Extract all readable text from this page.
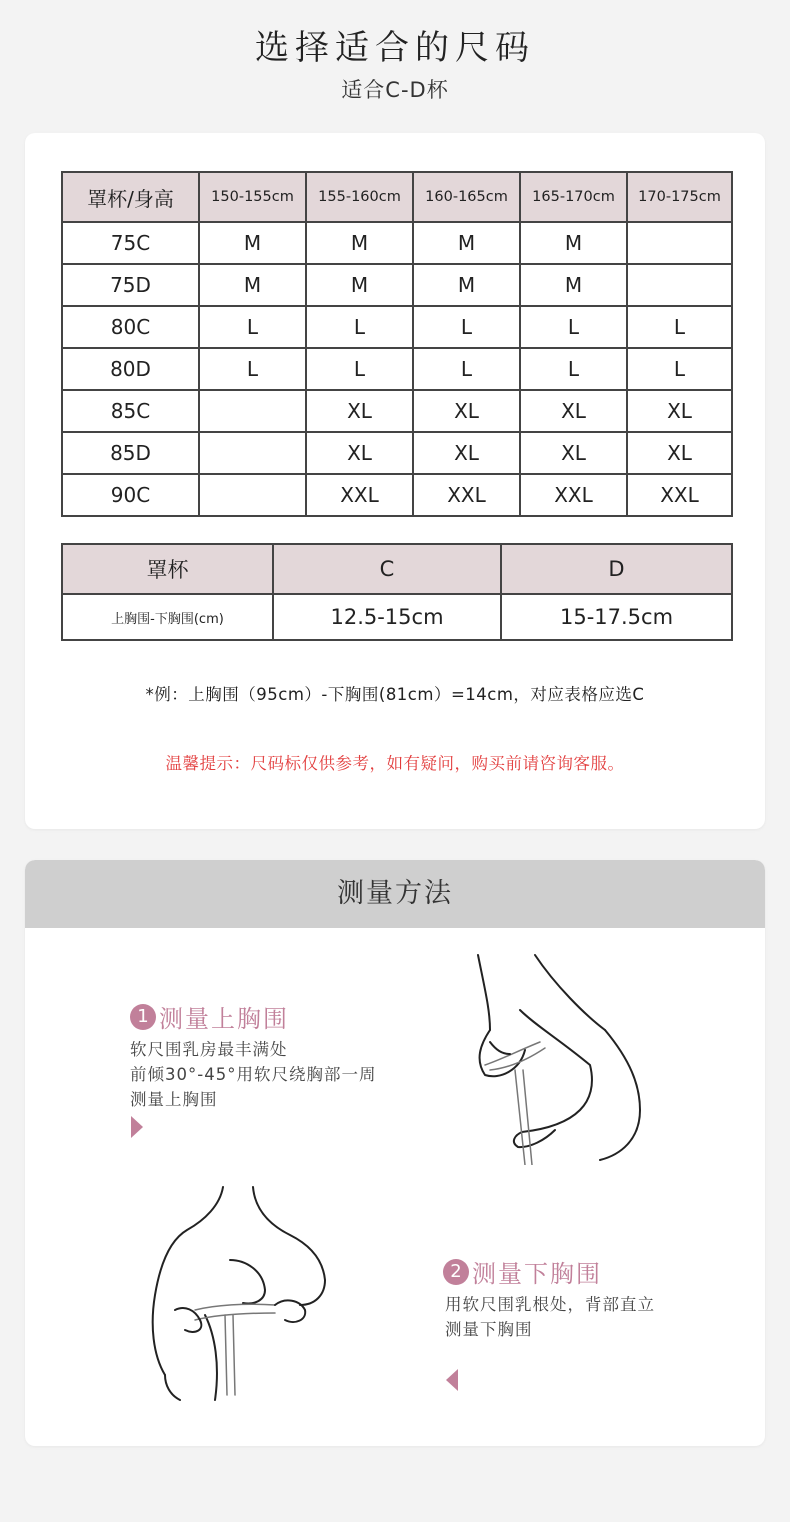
选择适合的尺码
适合C-D杯
罩杯/身高	150-155cm	155-160cm	160-165cm	165-170cm	170-175cm
75C	M	M	M	M	
75D	M	M	M	M	
80C	L	L	L	L	L
80D	L	L	L	L	L
85C		XL	XL	XL	XL
85D		XL	XL	XL	XL
90C		XXL	XXL	XXL	XXL
罩杯	C	D
上胸围-下胸围(cm)	12.5-15cm	15-17.5cm
*例：上胸围（95cm）-下胸围(81cm）=14cm，对应表格应选C
温馨提示：尺码标仅供参考，如有疑问，购买前请咨询客服。
测量方法
1 测量上胸围
软尺围乳房最丰满处
前倾30°-45°用软尺绕胸部一周
测量上胸围
2 测量下胸围
用软尺围乳根处，背部直立
测量下胸围
